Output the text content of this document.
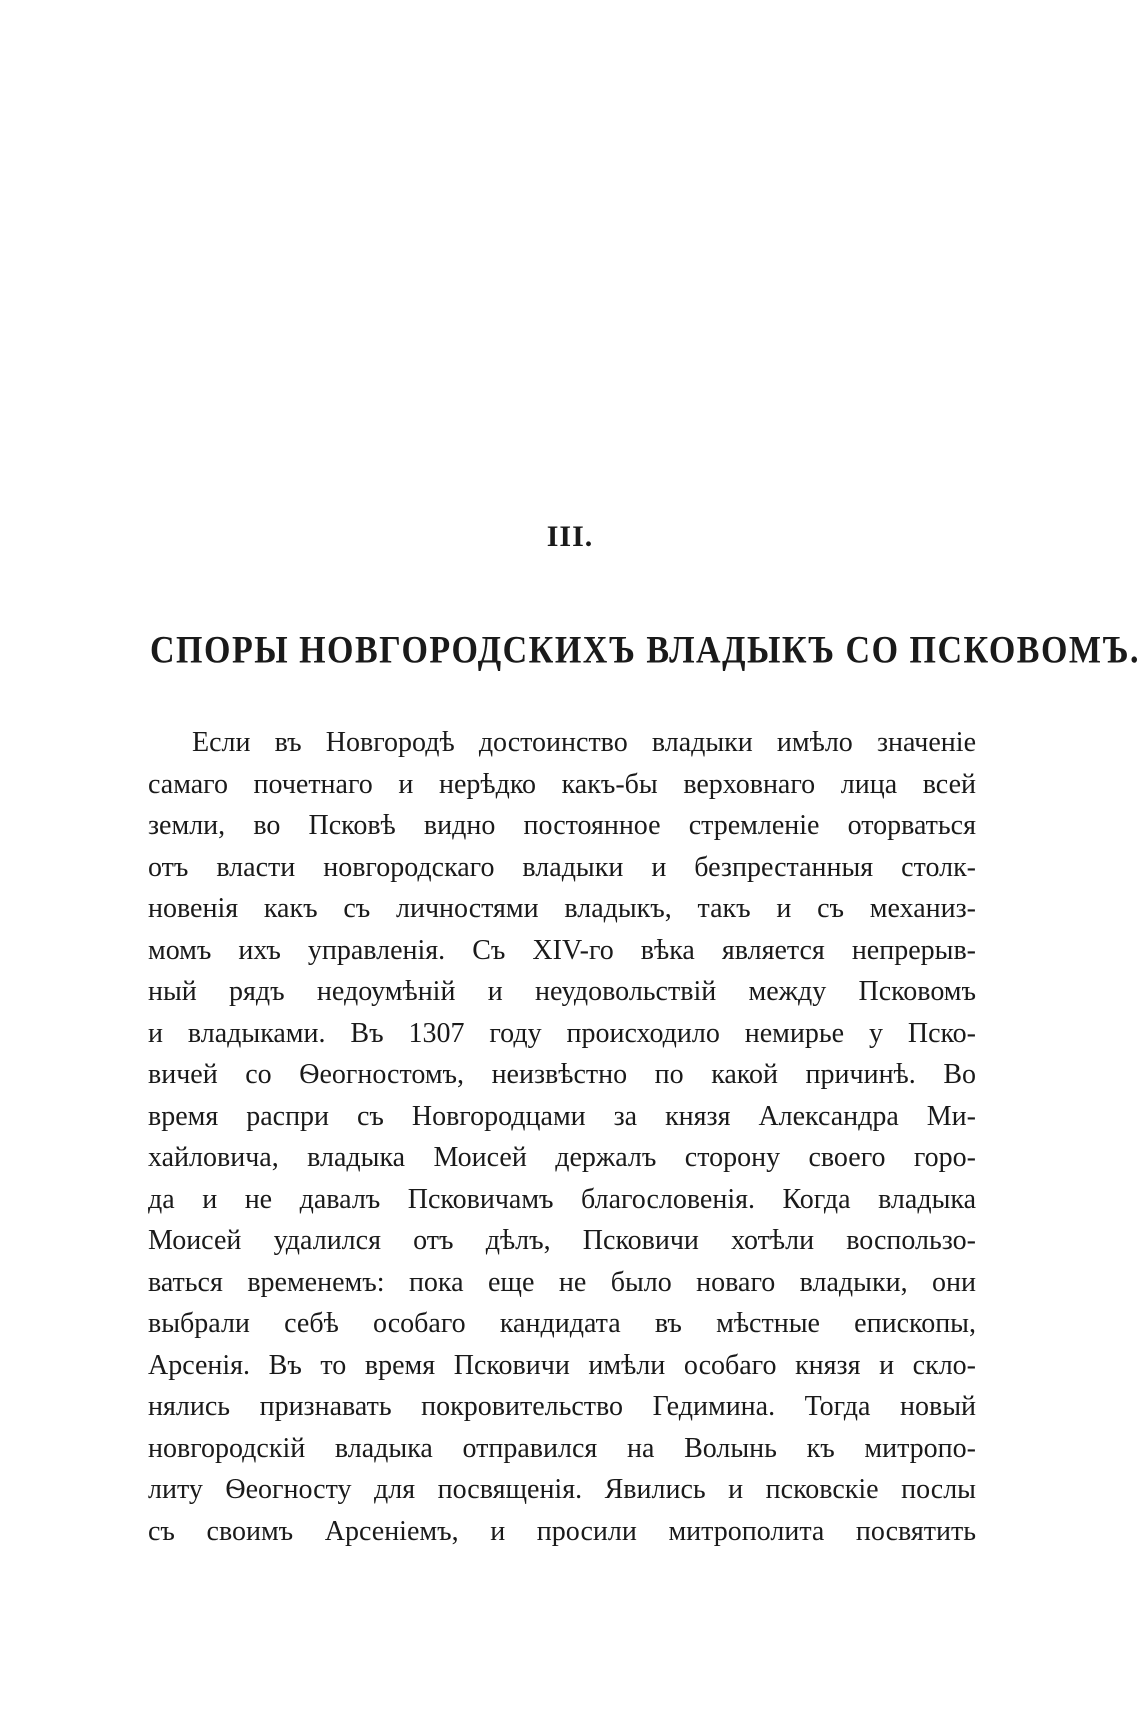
III.
СПОРЫ НОВГОРОДСКИХЪ ВЛАДЫКЪ СО ПСКОВОМЪ.
Если въ Новгородѣ достоинство владыки имѣло значеніе
самаго почетнаго и нерѣдко какъ-бы верховнаго лица всей
земли, во Псковѣ видно постоянное стремленіе оторваться
отъ власти новгородскаго владыки и безпрестанныя столк-
новенія какъ съ личностями владыкъ, такъ и съ механиз-
момъ ихъ управленія. Съ XIV-го вѣка является непрерыв-
ный рядъ недоумѣній и неудовольствій между Псковомъ
и владыками. Въ 1307 году происходило немирье у Пско-
вичей со Ѳеогностомъ, неизвѣстно по какой причинѣ. Во
время распри съ Новгородцами за князя Александра Ми-
хайловича, владыка Моисей держалъ сторону своего горо-
да и не давалъ Псковичамъ благословенія. Когда владыка
Моисей удалился отъ дѣлъ, Псковичи хотѣли воспользо-
ваться временемъ: пока еще не было новаго владыки, они
выбрали себѣ особаго кандидата въ мѣстные епископы,
Арсенія. Въ то время Псковичи имѣли особаго князя и скло-
нялись признавать покровительство Гедимина. Тогда новый
новгородскій владыка отправился на Волынь къ митропо-
литу Ѳеогносту для посвященія. Явились и псковскіе послы
съ своимъ Арсеніемъ, и просили митрополита посвятить
